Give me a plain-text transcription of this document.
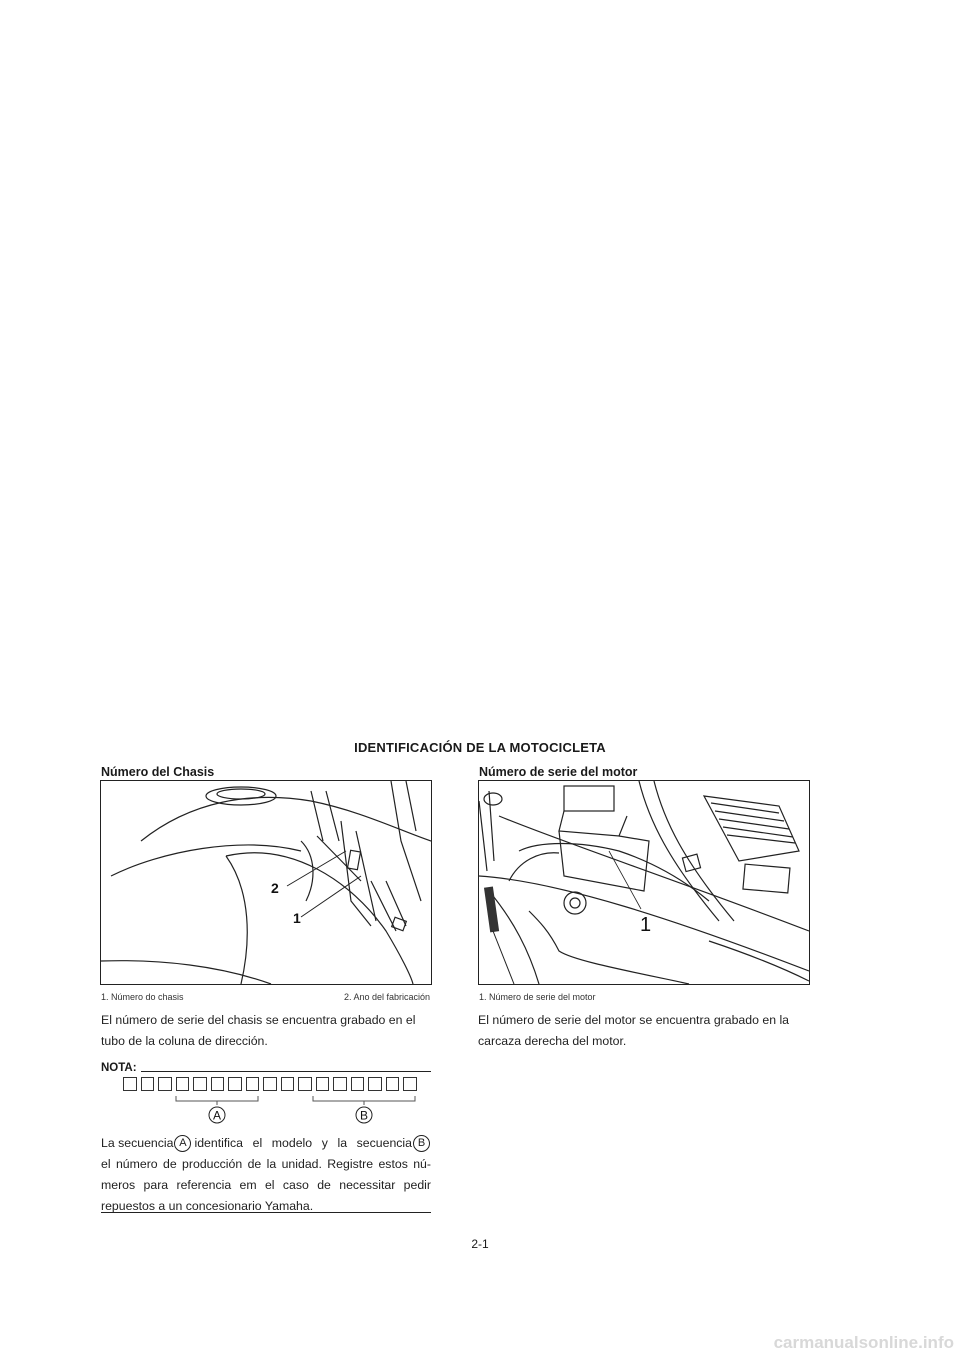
IDENTIFICACIÓN DE LA MOTOCICLETA
Número del Chasis
2
1
1. Número do chasis	2. Ano del fabricación
El número de serie del chasis se encuentra grabado en el
tubo de la coluna de dirección.
NOTA:
A	B
La secuencia A identifica el modelo y la secuencia B
el número de producción de la unidad. Registre estos nú-
meros para referencia em el caso de necessitar pedir
repuestos a un concesionario Yamaha.
Número de serie del motor
1
1. Número de serie del motor
El número de serie del motor se encuentra grabado en la
carcaza derecha del motor.
2-1
carmanualsonline.info
